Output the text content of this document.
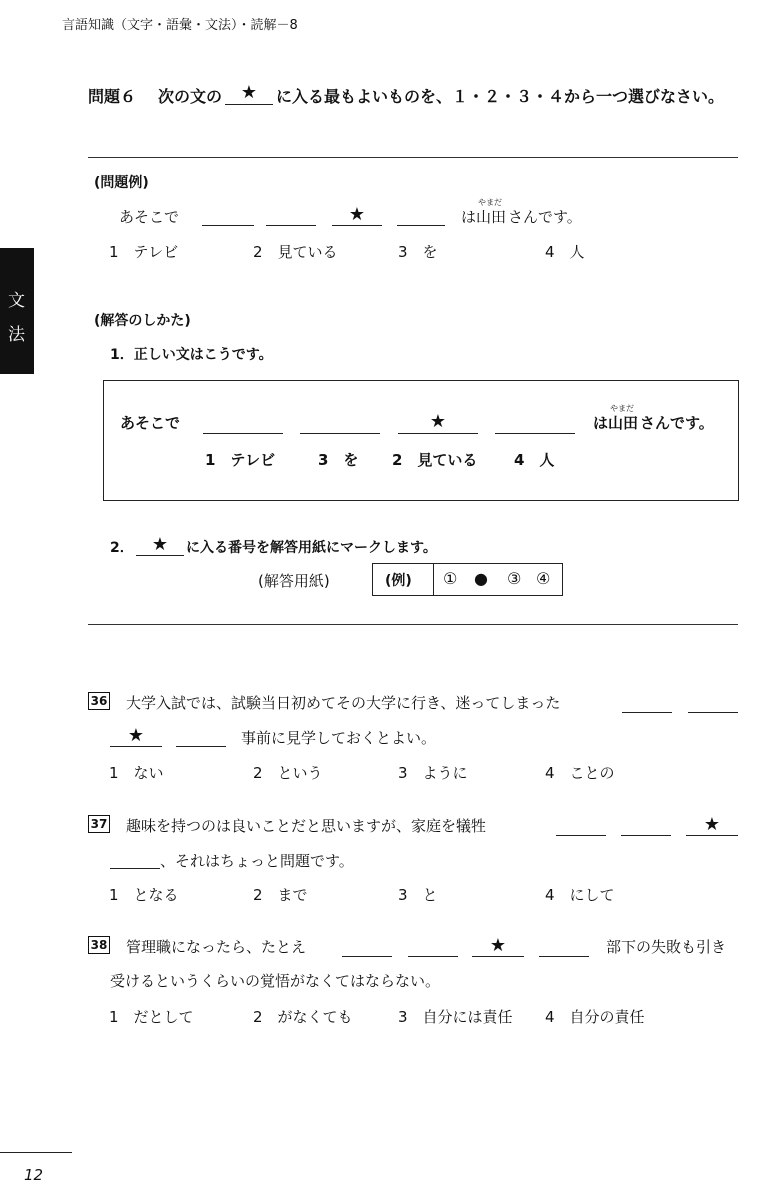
言語知識（文字・語彙・文法）・読解－8
文
法
問題６ 次の文の	★	に入る最もよいものを、１・２・３・４から一つ選びなさい。
(問題例)
あそこで	★	は
やまだ
山田 さんです。
1　テレビ	2　見ている	3　を	4　人
(解答のしかた)
1．正しい文はこうです。
あそこで	★	は
やまだ
山田 さんです。
1　テレビ	3　を 2　見ている 4　人
2．	★	に入る番号を解答用紙にマークします。
(解答用紙)	(例) ① ● ③ ④
36 大学入試では、試験当日初めてその大学に行き、迷ってしまった
★	事前に見学しておくとよい。
1　ない	2　という	3　ように	4　ことの
37 趣味を持つのは良いことだと思いますが、家庭を犠牲	★
、それはちょっと問題です。
1　となる	2　まで	3　と	4　にして
38 管理職になったら、たとえ	★	部下の失敗も引き
受けるというくらいの覚悟がなくてはならない。
1　だとして	2　がなくても	3　自分には責任 4　自分の責任
12
